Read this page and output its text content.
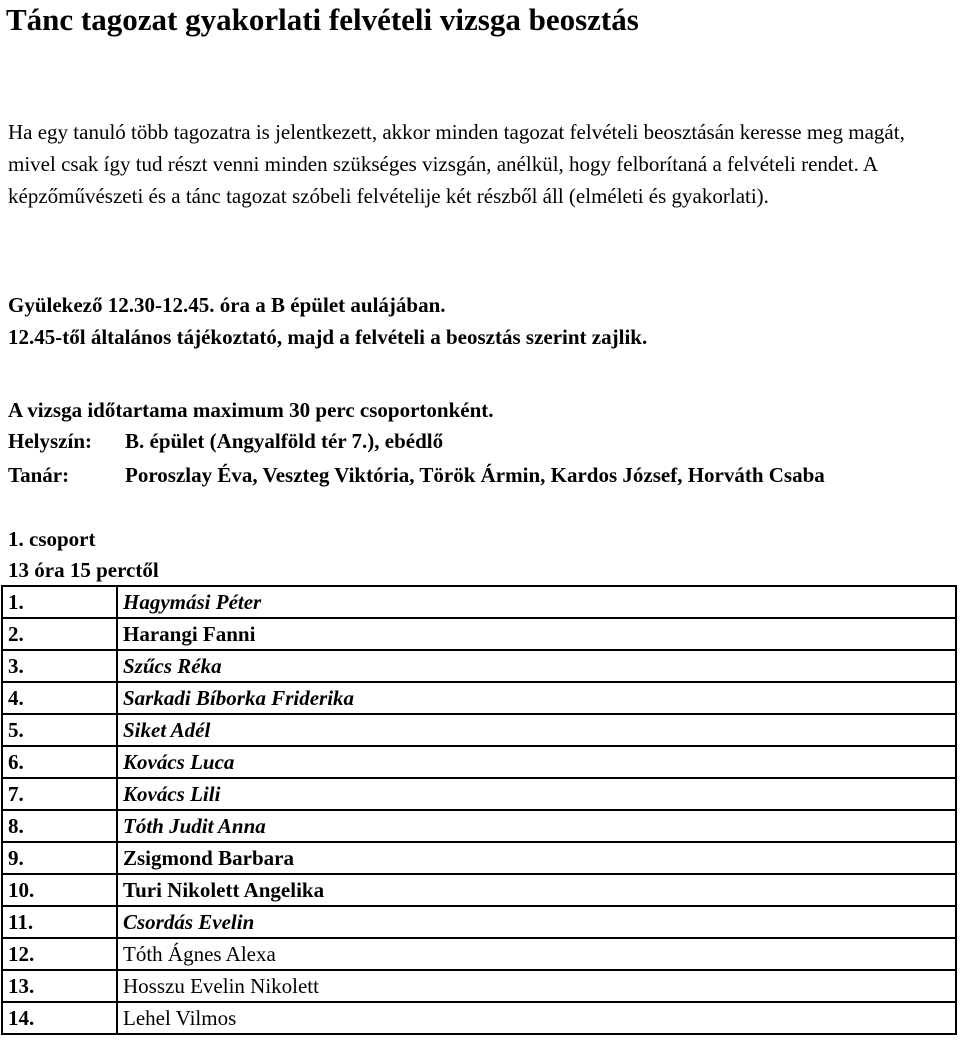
Tánc tagozat gyakorlati felvételi vizsga beosztás

Ha egy tanuló több tagozatra is jelentkezett, akkor minden tagozat felvételi beosztásán keresse meg magát, mivel csak így tud részt venni minden szükséges vizsgán, anélkül, hogy felborítaná a felvételi rendet. A képzőművészeti és a tánc tagozat szóbeli felvételije két részből áll (elméleti és gyakorlati).

Gyülekező 12.30-12.45. óra a B épület aulájában.

12.45-től általános tájékoztató, majd a felvételi a beosztás szerint zajlik.

A vizsga időtartama maximum 30 perc csoportonként.

Helyszín:	B. épület (Angyalföld tér 7.), ebédlő
Tanár:	Poroszlay Éva, Veszteg Viktória, Török Ármin, Kardos József, Horváth Csaba

1. csoport

13 óra 15 perctől

1.	Hagymási Péter
2.	Harangi Fanni
3.	Szűcs Réka
4.	Sarkadi Bíborka Friderika
5.	Siket Adél
6.	Kovács Luca
7.	Kovács Lili
8.	Tóth Judit Anna
9.	Zsigmond Barbara
10.	Turi Nikolett Angelika
11.	Csordás Evelin
12.	Tóth Ágnes Alexa
13.	Hosszu Evelin Nikolett
14.	Lehel Vilmos
